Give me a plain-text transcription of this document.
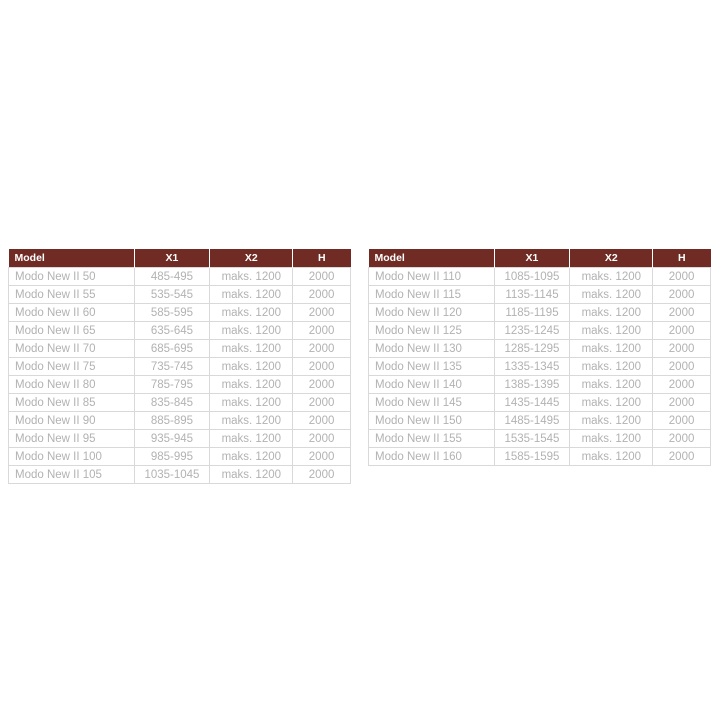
Model	X1	X2	H
Modo New II 50	485-495	maks. 1200	2000
Modo New II 55	535-545	maks. 1200	2000
Modo New II 60	585-595	maks. 1200	2000
Modo New II 65	635-645	maks. 1200	2000
Modo New II 70	685-695	maks. 1200	2000
Modo New II 75	735-745	maks. 1200	2000
Modo New II 80	785-795	maks. 1200	2000
Modo New II 85	835-845	maks. 1200	2000
Modo New II 90	885-895	maks. 1200	2000
Modo New II 95	935-945	maks. 1200	2000
Modo New II 100	985-995	maks. 1200	2000
Modo New II 105	1035-1045	maks. 1200	2000
Model	X1	X2	H
Modo New II 110	1085-1095	maks. 1200	2000
Modo New II 115	1135-1145	maks. 1200	2000
Modo New II 120	1185-1195	maks. 1200	2000
Modo New II 125	1235-1245	maks. 1200	2000
Modo New II 130	1285-1295	maks. 1200	2000
Modo New II 135	1335-1345	maks. 1200	2000
Modo New II 140	1385-1395	maks. 1200	2000
Modo New II 145	1435-1445	maks. 1200	2000
Modo New II 150	1485-1495	maks. 1200	2000
Modo New II 155	1535-1545	maks. 1200	2000
Modo New II 160	1585-1595	maks. 1200	2000
